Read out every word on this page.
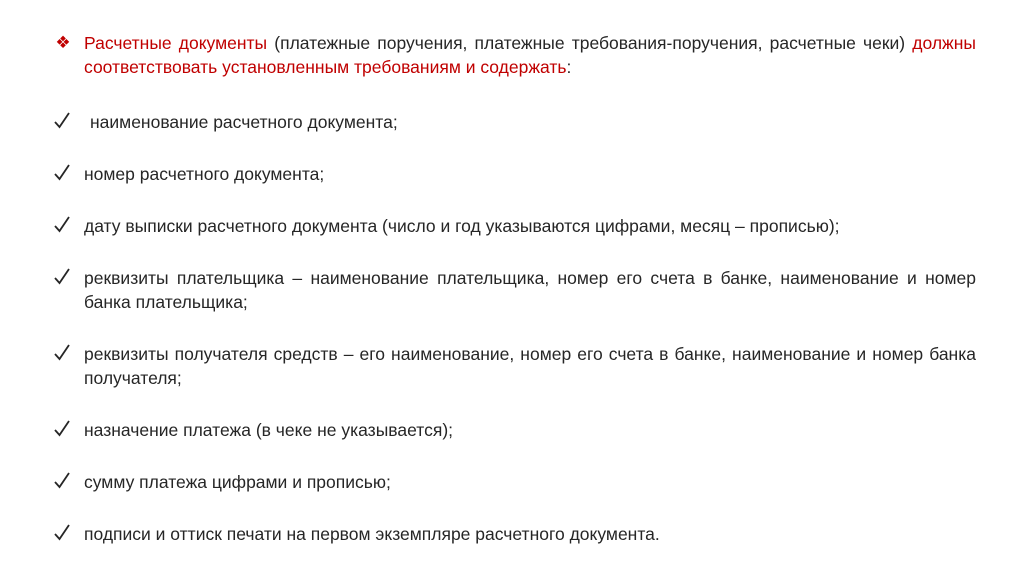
❖ Расчетные документы (платежные поручения, платежные требования-поручения, расчетные чеки) должны соответствовать установленным требованиям и содержать:
наименование расчетного документа;
номер расчетного документа;
дату выписки расчетного документа (число и год указываются цифрами, месяц – прописью);
реквизиты плательщика – наименование плательщика, номер его счета в банке, наименование и номер банка плательщика;
реквизиты получателя средств – его наименование, номер его счета в банке, наименование и номер банка получателя;
назначение платежа (в чеке не указывается);
сумму платежа цифрами и прописью;
подписи и оттиск печати на первом экземпляре расчетного документа.
